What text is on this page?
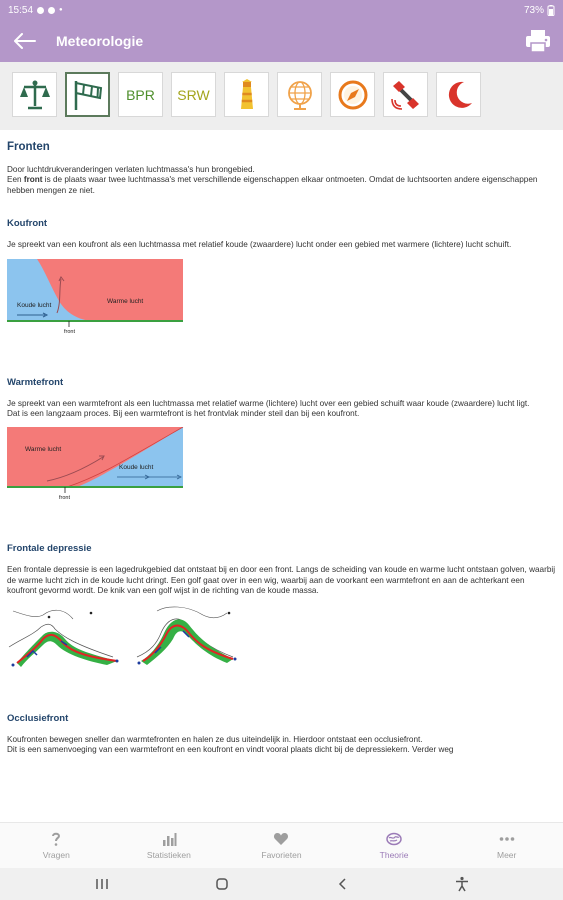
15:54	●	73%
Meteorologie
BPR SRW
Fronten
Door luchtdrukveranderingen verlaten luchtmassa's hun brongebied.
Een front is de plaats waar twee luchtmassa's met verschillende eigenschappen elkaar ontmoeten. Omdat de luchtsoorten andere eigenschappen hebben mengen ze niet.
Koufront
Je spreekt van een koufront als een luchtmassa met relatief koude (zwaardere) lucht onder een gebied met warmere (lichtere) lucht schuift.
Koude lucht
Warme lucht
front
Warmtefront
Je spreekt van een warmtefront als een luchtmassa met relatief warme (lichtere) lucht over een gebied schuift waar koude (zwaardere) lucht ligt.
Dat is een langzaam proces. Bij een warmtefront is het frontvlak minder steil dan bij een koufront.
Warme lucht
Koude lucht
front
Frontale depressie
Een frontale depressie is een lagedrukgebied dat ontstaat bij en door een front. Langs de scheiding van koude en warme lucht ontstaan golven, waarbij de warme lucht zich in de koude lucht dringt. Een golf gaat over in een wig, waarbij aan de voorkant een warmtefront en aan de achterkant een koufront gevormd wordt. De knik van een golf wijst in de richting van de koude massa.
Occlusiefront
Koufronten bewegen sneller dan warmtefronten en halen ze dus uiteindelijk in. Hierdoor ontstaat een occlusiefront.
Dit is een samenvoeging van een warmtefront en een koufront en vindt vooral plaats dicht bij de depressiekern. Verder weg
Vragen	Statistieken	Favorieten	Theorie	Meer
